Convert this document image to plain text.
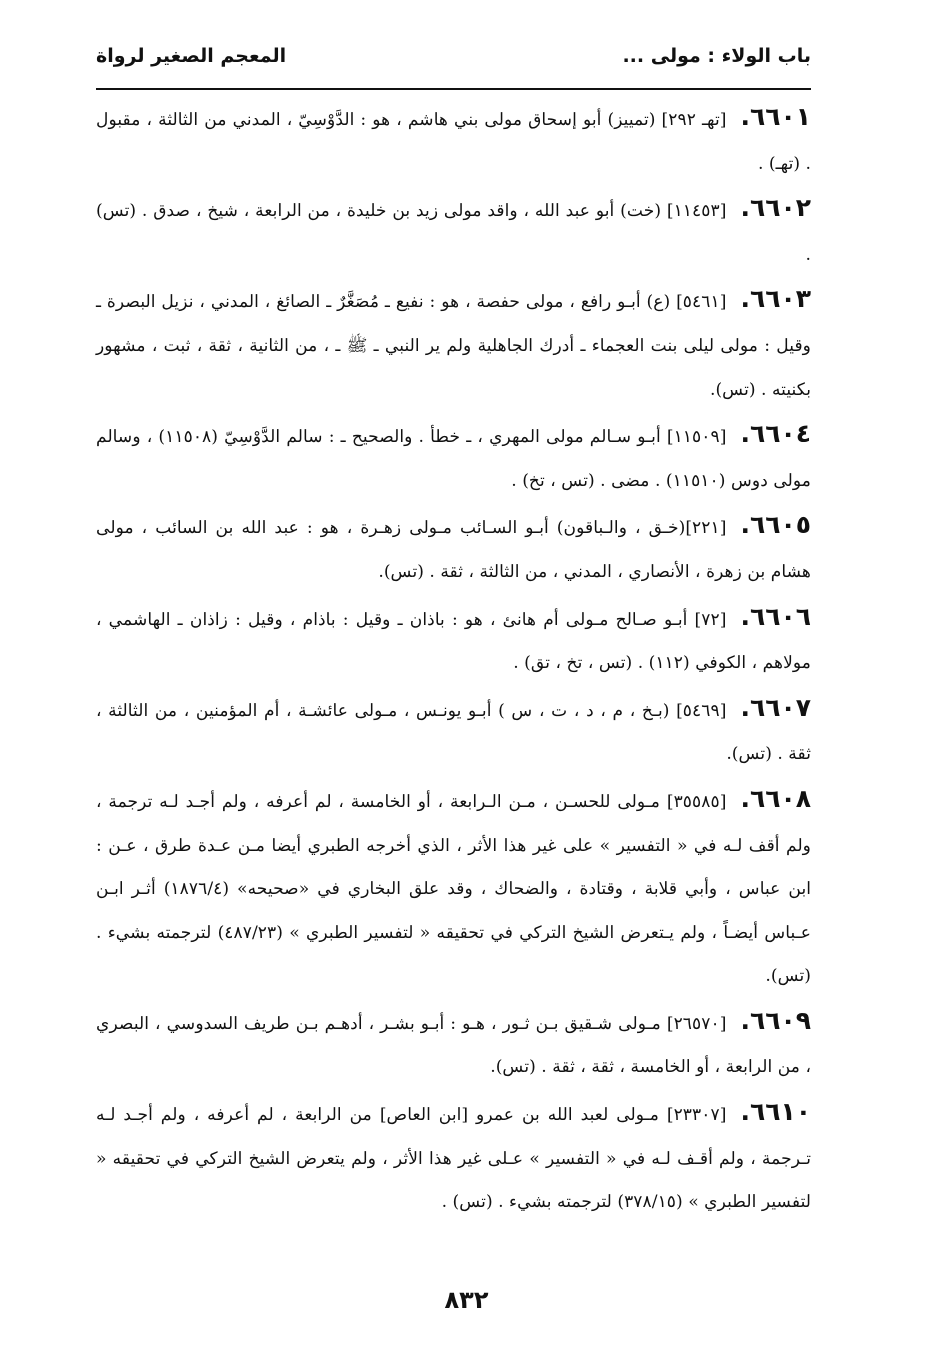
باب الولاء : مولى ...
المعجم الصغير لرواة

٦٦٠١.[تهـ ٢٩٢] (تمييز) أبو إسحاق مولى بني هاشم ، هو : الدَّوْسِيّ ، المدني من الثالثة ، مقبول . (تهـ) .

٦٦٠٢.[١١٤٥٣] (خت) أبو عبد الله ، واقد مولى زيد بن خليدة ، من الرابعة ، شيخ ، صدق . (تس) .

٦٦٠٣.[٥٤٦١] (ع) أبـو رافع ، مولى حفصة ، هو : نفيع ـ مُصَغَّرٌ ـ الصائغ ، المدني ، نزيل البصرة ـ وقيل : مولى ليلى بنت العجماء ـ أدرك الجاهلية ولم ير النبي ـ ﷺ ـ ، من الثانية ، ثقة ، ثبت ، مشهور بكنيته . (تس).

٦٦٠٤.[١١٥٠٩] أبـو سـالم مولى المهري ، ـ خطأ . والصحيح ـ : سالم الدَّوْسِيّ (١١٥٠٨) ، وسالم مولى دوس (١١٥١٠) . مضى . (تس ، تخ) .

٦٦٠٥.[٢٢١](خـق ، والـباقون) أبـو السـائب مـولى زهـرة ، هو : عبد الله بن السائب ، مولى هشام بن زهرة ، الأنصاري ، المدني ، من الثالثة ، ثقة . (تس).

٦٦٠٦.[٧٢] أبـو صـالح مـولى أم هانئ ، هو : باذان ـ وقيل : باذام ، وقيل : زاذان ـ الهاشمي ، مولاهم ، الكوفي (١١٢) . (تس ، تخ ، تق) .

٦٦٠٧.[٥٤٦٩] (بـخ ، م ، د ، ت ، س ) أبـو يونـس ، مـولى عائشـة ، أم المؤمنين ، من الثالثة ، ثقة . (تس).

٦٦٠٨.[٣٥٥٨٥] مـولى للحسـن ، مـن الـرابعة ، أو الخامسة ، لم أعرفه ، ولم أجـد لـه ترجمة ، ولم أقف لـه في « التفسير » على غير هذا الأثر ، الذي أخرجه الطبري أيضا مـن عـدة طرق ، عـن : ابن عباس ، وأبي قلابة ، وقتادة ، والضحاك ، وقد علق البخاري في «صحيحه» (١٨٧٦/٤) أثـر ابـن عـباس أيضـاً ، ولم يـتعرض الشيخ التركي في تحقيقه « لتفسير الطبري » (٤٨٧/٢٣) لترجمته بشيء . (تس).

٦٦٠٩.[٢٦٥٧٠] مـولى شـقيق بـن ثـور ، هـو : أبـو بشـر ، أدهـم بـن طريف السدوسي ، البصري ، من الرابعة ، أو الخامسة ، ثقة ، ثقة . (تس).

٦٦١٠.[٢٣٣٠٧] مـولى لعبد الله بن عمرو [ابن العاص] من الرابعة ، لم أعرفه ، ولم أجـد لـه تـرجمة ، ولم أقـف لـه في « التفسير » عـلى غير هذا الأثر ، ولم يتعرض الشيخ التركي في تحقيقه « لتفسير الطبري » (٣٧٨/١٥) لترجمته بشيء . (تس) .

٨٣٢
